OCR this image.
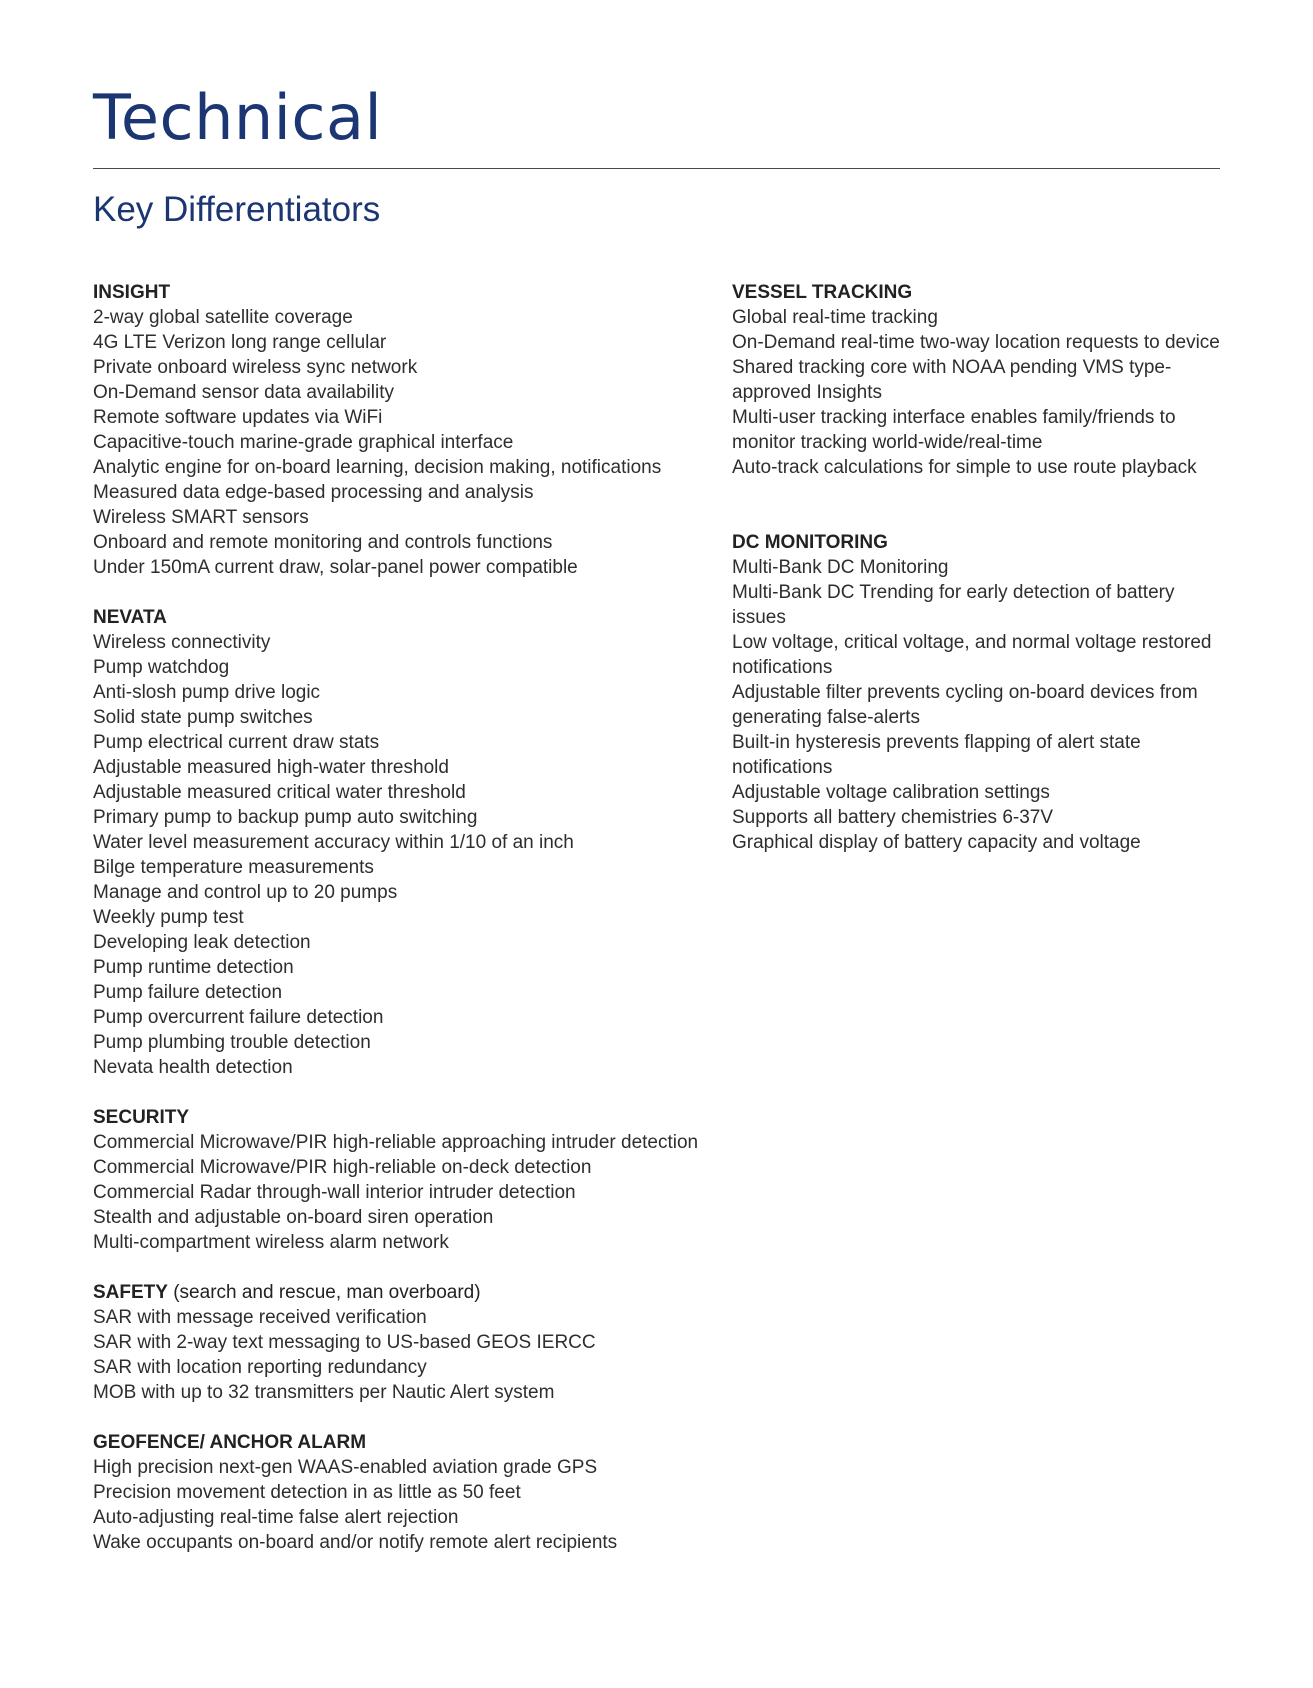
Technical
Key Differentiators
INSIGHT
2-way global satellite coverage
4G LTE Verizon long range cellular
Private onboard wireless sync network
On-Demand sensor data availability
Remote software updates via WiFi
Capacitive-touch marine-grade graphical interface
Analytic engine for on-board learning, decision making, notifications
Measured data edge-based processing and analysis
Wireless SMART sensors
Onboard and remote monitoring and controls functions
Under 150mA current draw, solar-panel power compatible
NEVATA
Wireless connectivity
Pump watchdog
Anti-slosh pump drive logic
Solid state pump switches
Pump electrical current draw stats
Adjustable measured high-water threshold
Adjustable measured critical water threshold
Primary pump to backup pump auto switching
Water level measurement accuracy within 1/10 of an inch
Bilge temperature measurements
Manage and control up to 20 pumps
Weekly pump test
Developing leak detection
Pump runtime detection
Pump failure detection
Pump overcurrent failure detection
Pump plumbing trouble detection
Nevata health detection
SECURITY
Commercial Microwave/PIR high-reliable approaching intruder detection
Commercial Microwave/PIR high-reliable on-deck detection
Commercial Radar through-wall interior intruder detection
Stealth and adjustable on-board siren operation
Multi-compartment wireless alarm network
SAFETY (search and rescue, man overboard)
SAR with message received verification
SAR with 2-way text messaging to US-based GEOS IERCC
SAR with location reporting redundancy
MOB with up to 32 transmitters per Nautic Alert system
GEOFENCE/ ANCHOR ALARM
High precision next-gen WAAS-enabled aviation grade GPS
Precision movement detection in as little as 50 feet
Auto-adjusting real-time false alert rejection
Wake occupants on-board and/or notify remote alert recipients
VESSEL TRACKING
Global real-time tracking
On-Demand real-time two-way location requests to device
Shared tracking core with NOAA pending VMS type-approved Insights
Multi-user tracking interface enables family/friends to monitor tracking world-wide/real-time
Auto-track calculations for simple to use route playback
DC MONITORING
Multi-Bank DC Monitoring
Multi-Bank DC Trending for early detection of battery issues
Low voltage, critical voltage, and normal voltage restored notifications
Adjustable filter prevents cycling on-board devices from generating false-alerts
Built-in hysteresis prevents flapping of alert state notifications
Adjustable voltage calibration settings
Supports all battery chemistries 6-37V
Graphical display of battery capacity and voltage
